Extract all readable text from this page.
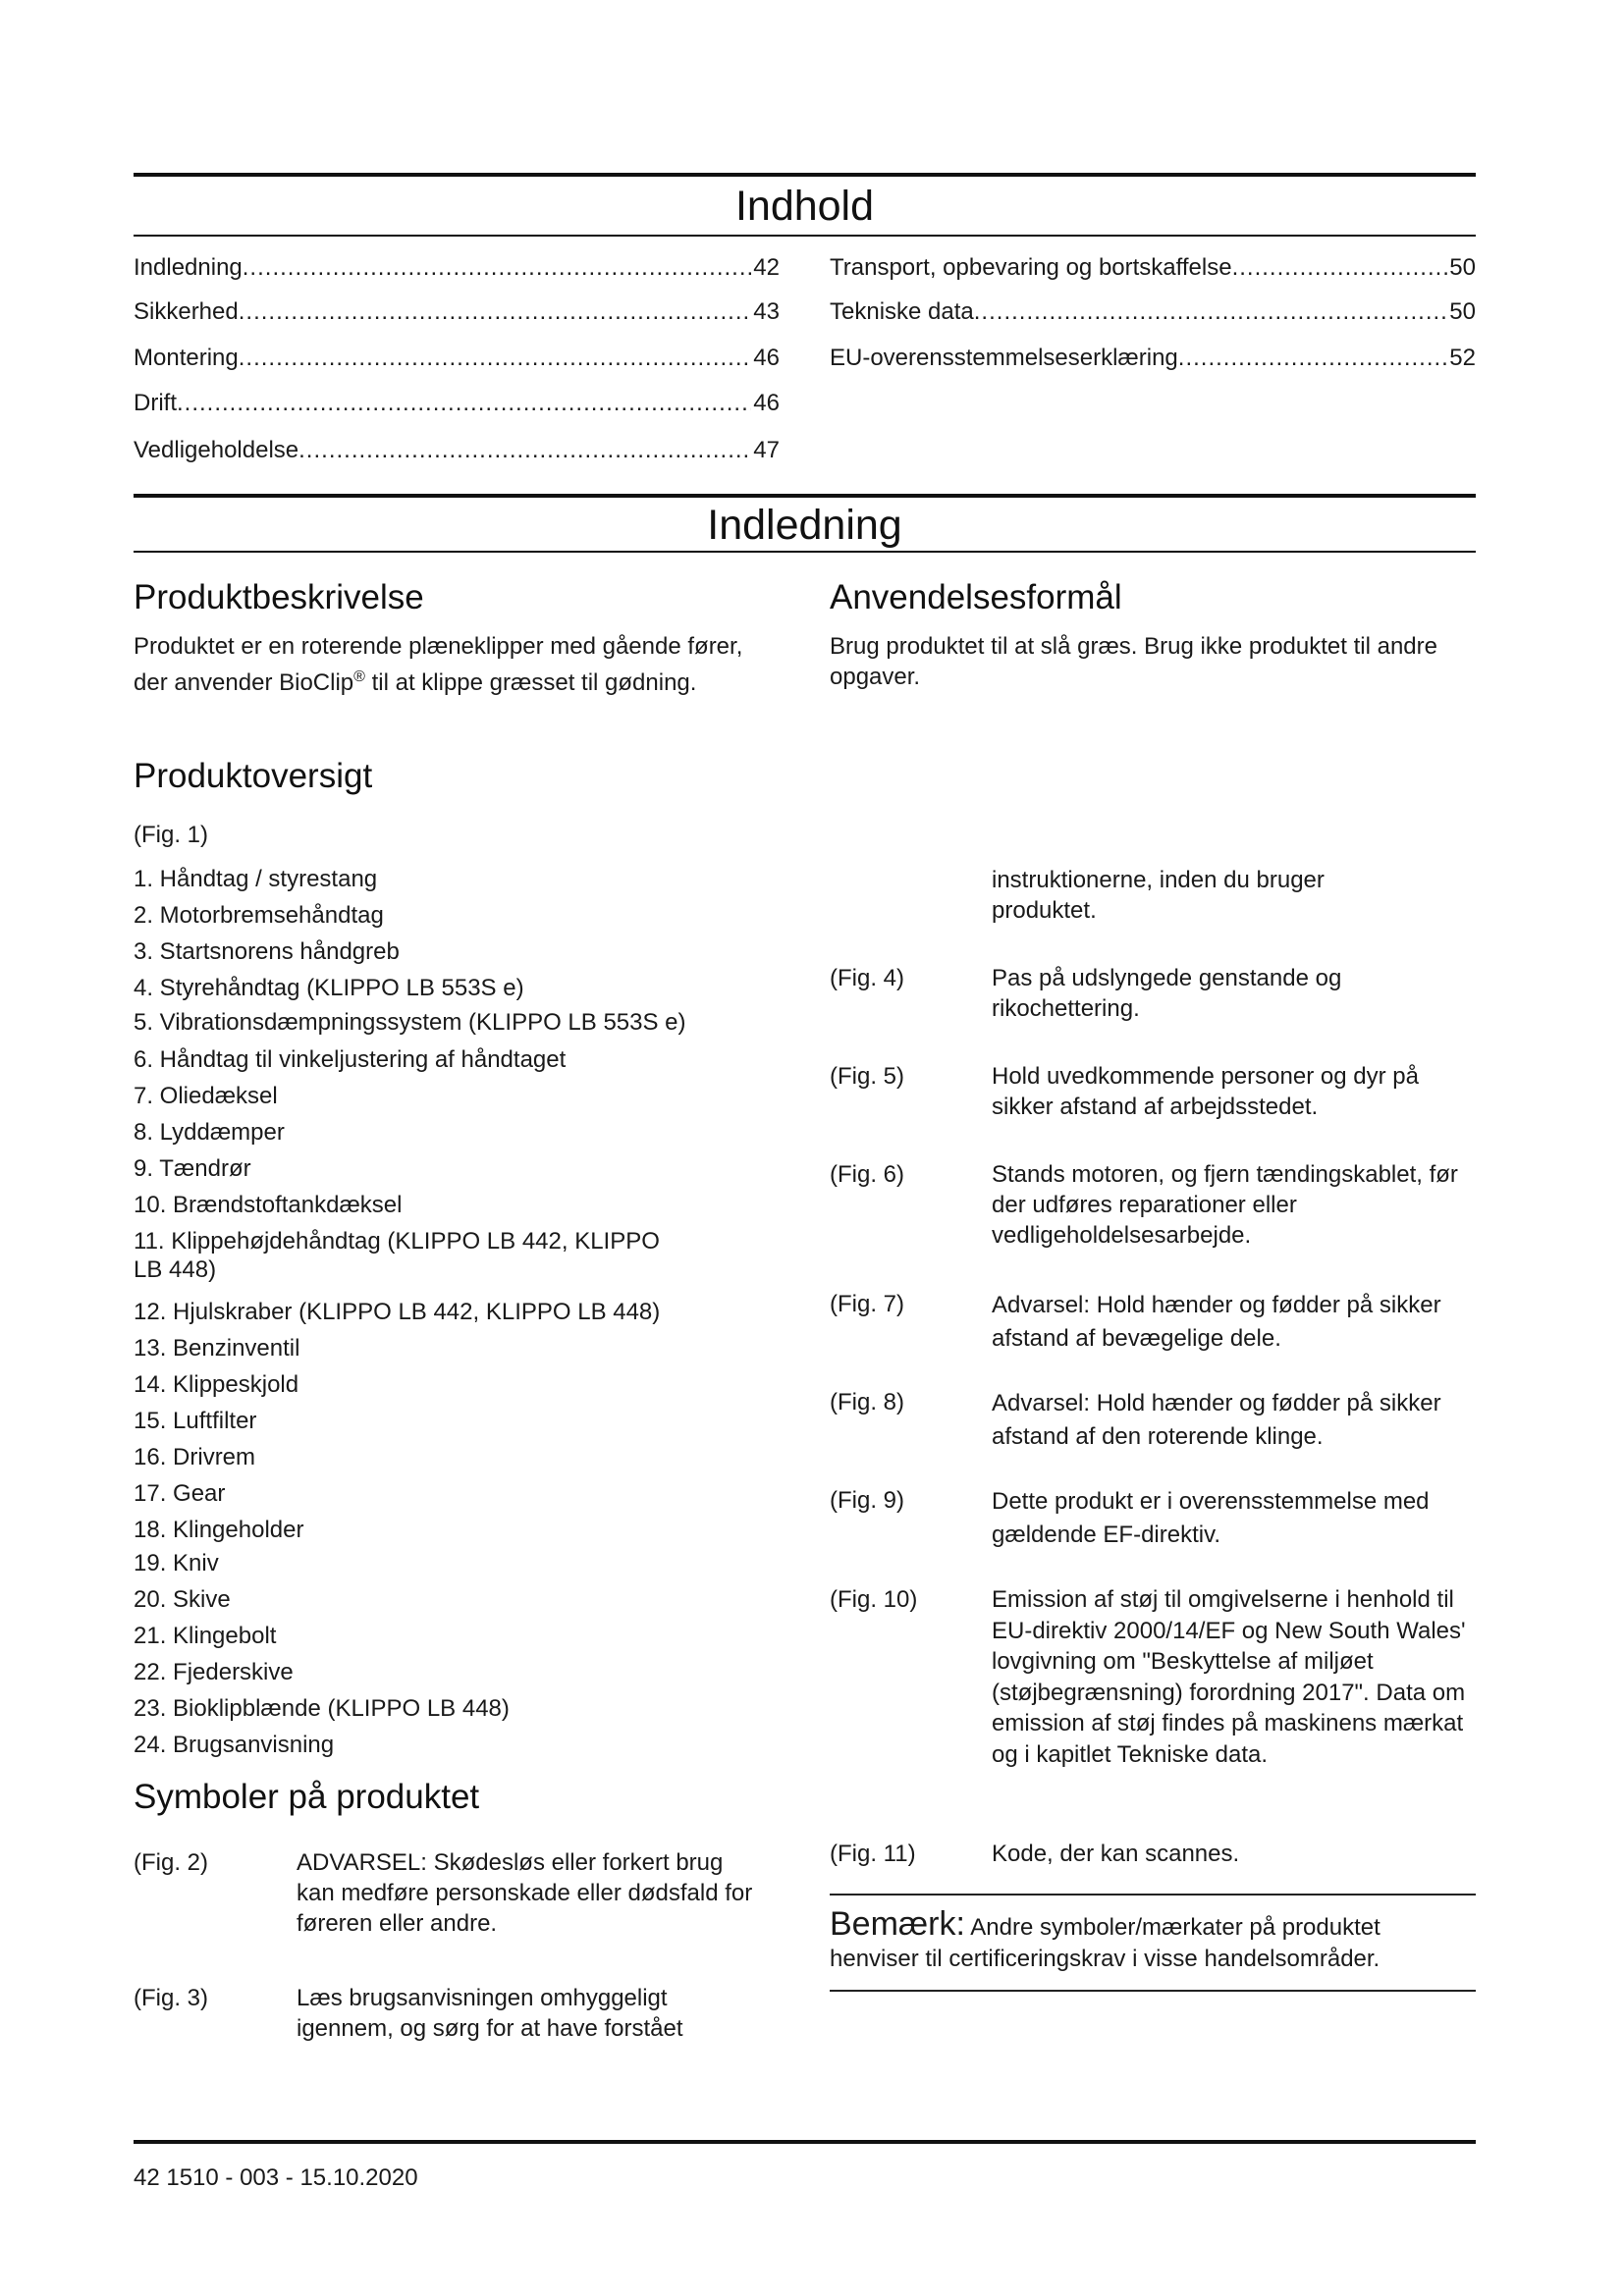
Indhold
Indledning .....	42
Sikkerhed .....	43
Montering .....	46
Drift .....	46
Vedligeholdelse .....	47
Transport, opbevaring og bortskaffelse .....	50
Tekniske data .....	50
EU-overensstemmelseserklæring .....	52
Indledning
Produktbeskrivelse
Produktet er en roterende plæneklipper med gående fører, der anvender BioClip® til at klippe græsset til gødning.
Anvendelsesformål
Brug produktet til at slå græs. Brug ikke produktet til andre opgaver.
Produktoversigt
(Fig. 1)
1. Håndtag / styrestang
2. Motorbremsehåndtag
3. Startsnorens håndgreb
4. Styrehåndtag (KLIPPO LB 553S e)
5. Vibrationsdæmpningssystem (KLIPPO LB 553S e)
6. Håndtag til vinkeljustering af håndtaget
7. Oliedæksel
8. Lyddæmper
9. Tændrør
10. Brændstoftankdæksel
11. Klippehøjdehåndtag (KLIPPO LB 442, KLIPPO LB 448)
12. Hjulskraber (KLIPPO LB 442, KLIPPO LB 448)
13. Benzinventil
14. Klippeskjold
15. Luftfilter
16. Drivrem
17. Gear
18. Klingeholder
19. Kniv
20. Skive
21. Klingebolt
22. Fjederskive
23. Bioklipblænde (KLIPPO LB 448)
24. Brugsanvisning
Symboler på produktet
(Fig. 2)	ADVARSEL: Skødesløs eller forkert brug kan medføre personskade eller dødsfald for føreren eller andre.
(Fig. 3)	Læs brugsanvisningen omhyggeligt igennem, og sørg for at have forstået
instruktionerne, inden du bruger produktet.
(Fig. 4)	Pas på udslyngede genstande og rikochettering.
(Fig. 5)	Hold uvedkommende personer og dyr på sikker afstand af arbejdsstedet.
(Fig. 6)	Stands motoren, og fjern tændingskablet, før der udføres reparationer eller vedligeholdelsesarbejde.
(Fig. 7)	Advarsel: Hold hænder og fødder på sikker afstand af bevægelige dele.
(Fig. 8)	Advarsel: Hold hænder og fødder på sikker afstand af den roterende klinge.
(Fig. 9)	Dette produkt er i overensstemmelse med gældende EF-direktiv.
(Fig. 10)	Emission af støj til omgivelserne i henhold til EU-direktiv 2000/14/EF og New South Wales' lovgivning om "Beskyttelse af miljøet (støjbegrænsning) forordning 2017". Data om emission af støj findes på maskinens mærkat og i kapitlet Tekniske data.
(Fig. 11)	Kode, der kan scannes.
Bemærk: Andre symboler/mærkater på produktet henviser til certificeringskrav i visse handelsområder.
42 1510 - 003 - 15.10.2020
